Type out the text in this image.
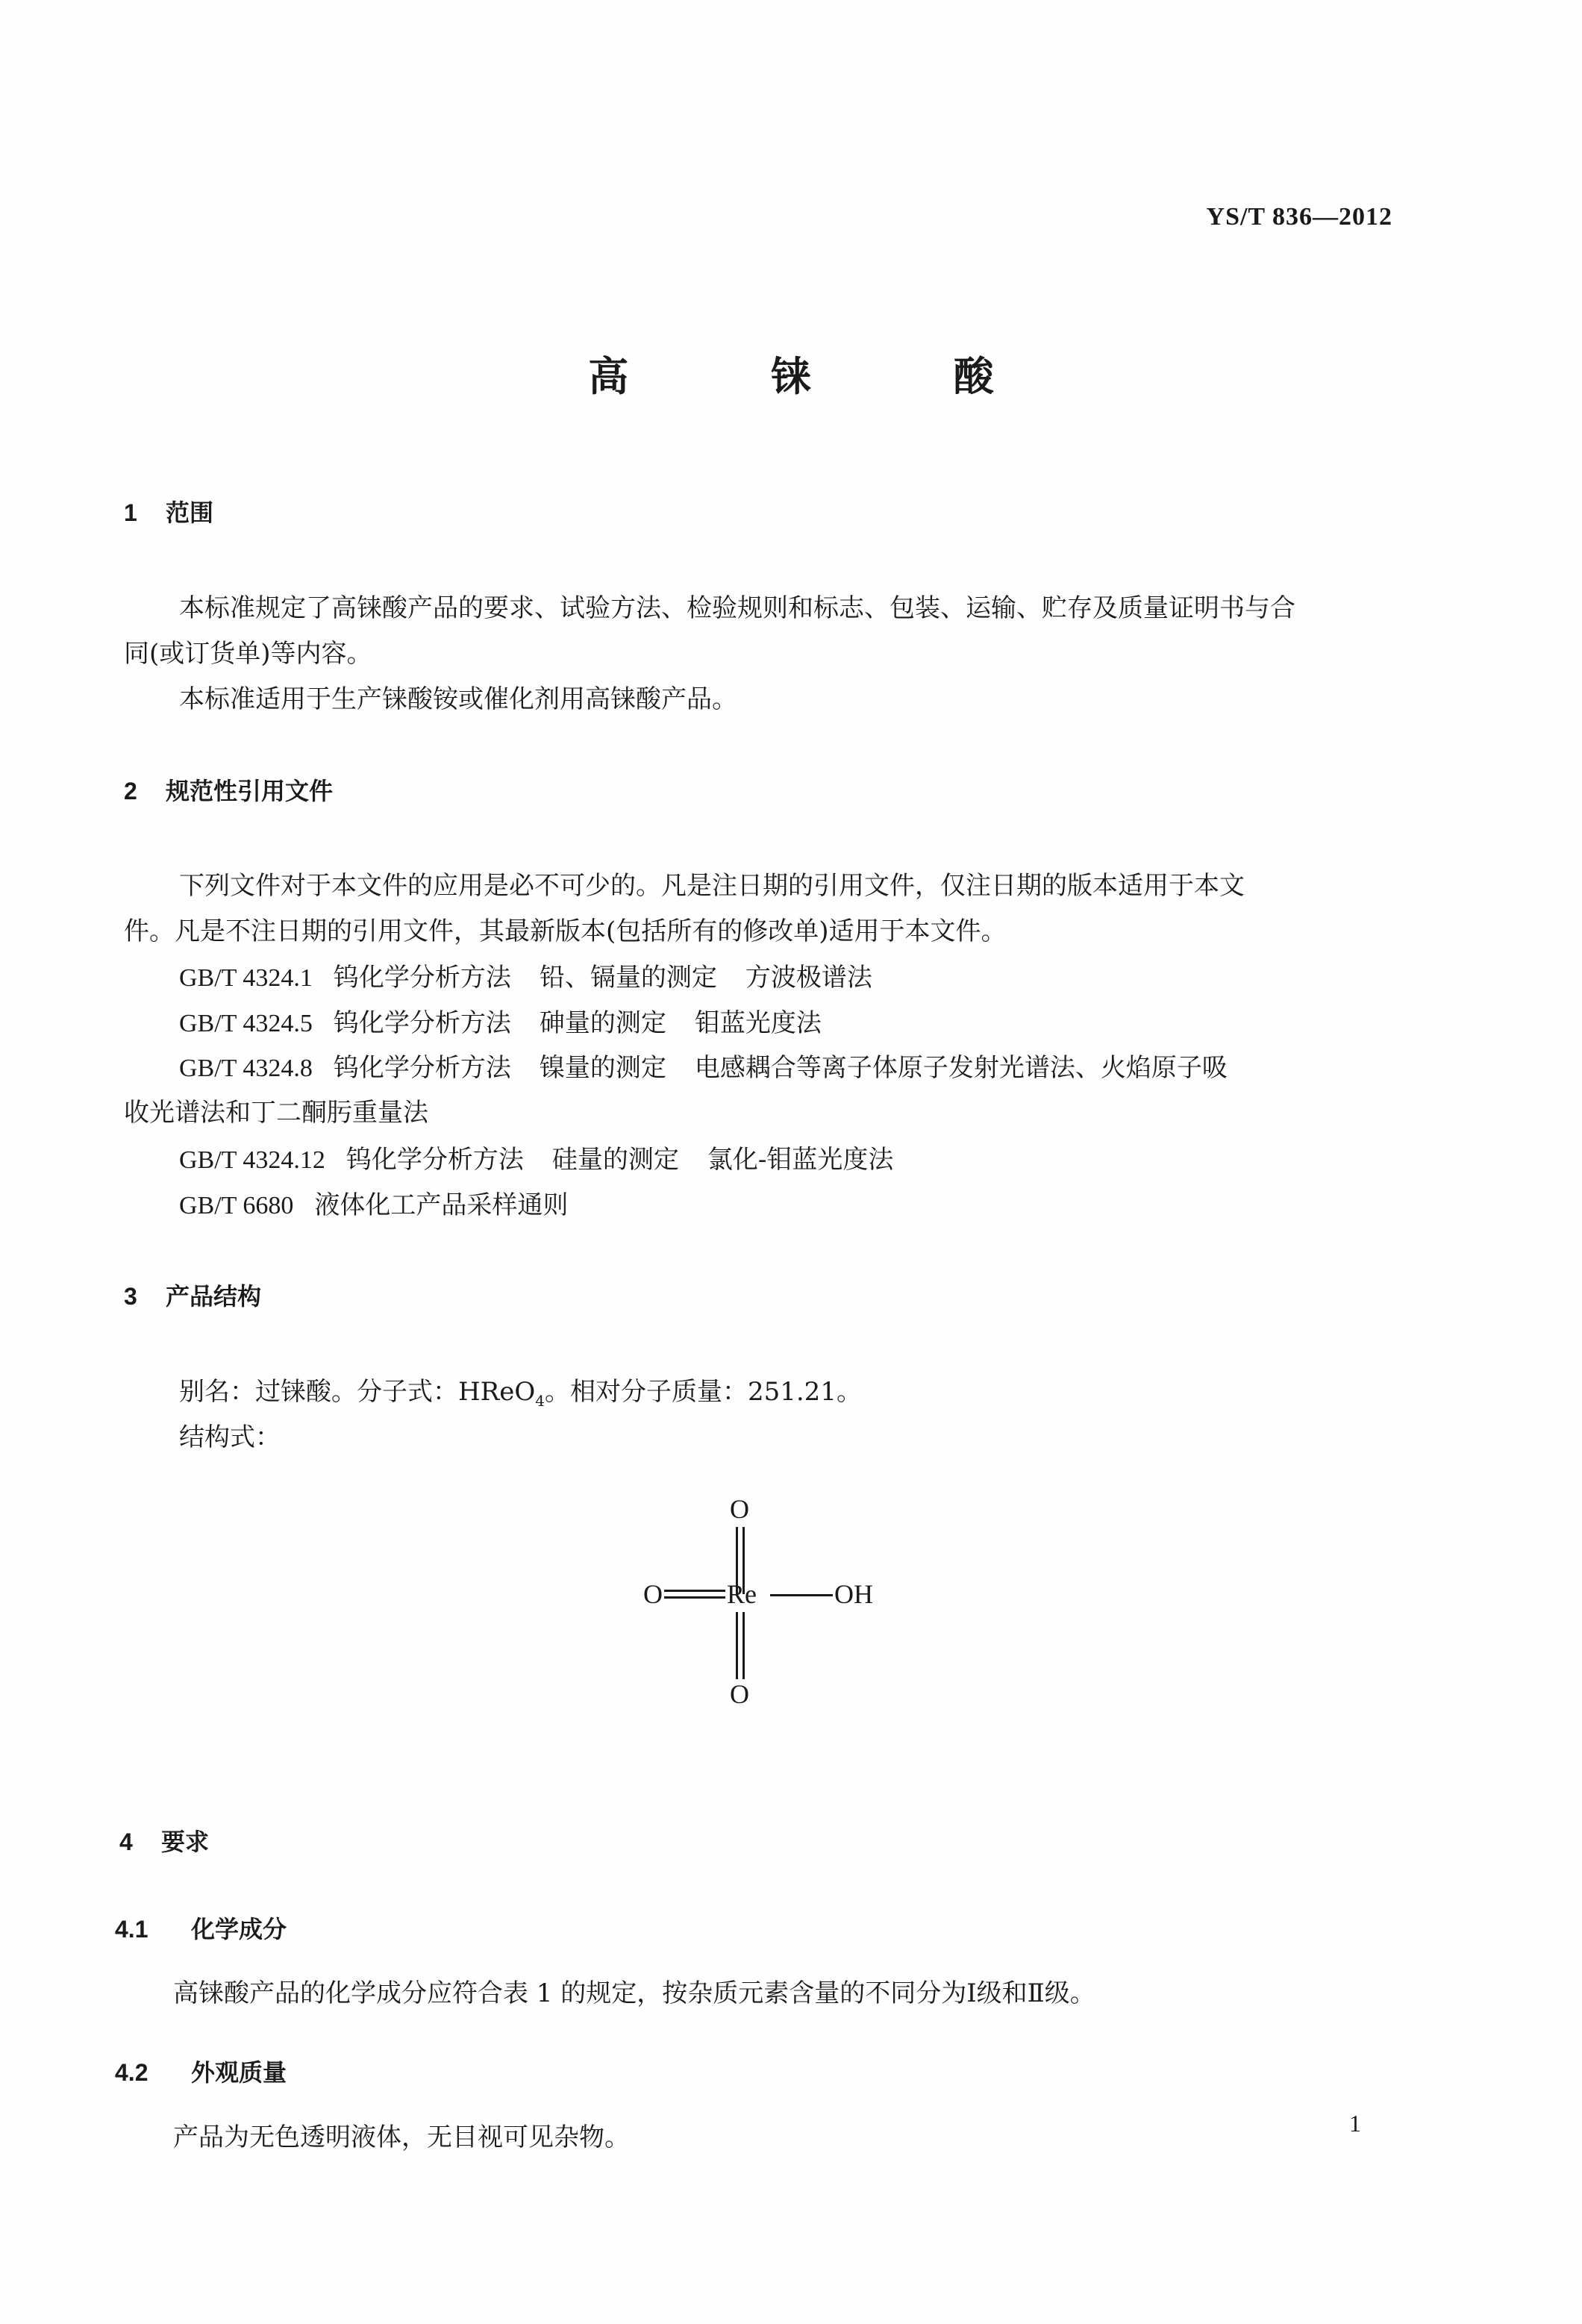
YS/T 836—2012
高 铼 酸
1 范围
本标准规定了高铼酸产品的要求、试验方法、检验规则和标志、包装、运输、贮存及质量证明书与合
同(或订货单)等内容。
本标准适用于生产铼酸铵或催化剂用高铼酸产品。
2 规范性引用文件
下列文件对于本文件的应用是必不可少的。凡是注日期的引用文件，仅注日期的版本适用于本文
件。凡是不注日期的引用文件，其最新版本(包括所有的修改单)适用于本文件。
GB/T 4324.1 钨化学分析方法 铅、镉量的测定 方波极谱法
GB/T 4324.5 钨化学分析方法 砷量的测定 钼蓝光度法
GB/T 4324.8 钨化学分析方法 镍量的测定 电感耦合等离子体原子发射光谱法、火焰原子吸
收光谱法和丁二酮肟重量法
GB/T 4324.12 钨化学分析方法 硅量的测定 氯化-钼蓝光度法
GB/T 6680 液体化工产品采样通则
3 产品结构
别名：过铼酸。分子式：HReO$_4$。相对分子质量：251.21。
结构式：
O
O Re	OH
O
4 要求
4.1 化学成分
高铼酸产品的化学成分应符合表 1 的规定，按杂质元素含量的不同分为Ⅰ级和Ⅱ级。
4.2 外观质量
产品为无色透明液体，无目视可见杂物。	1
